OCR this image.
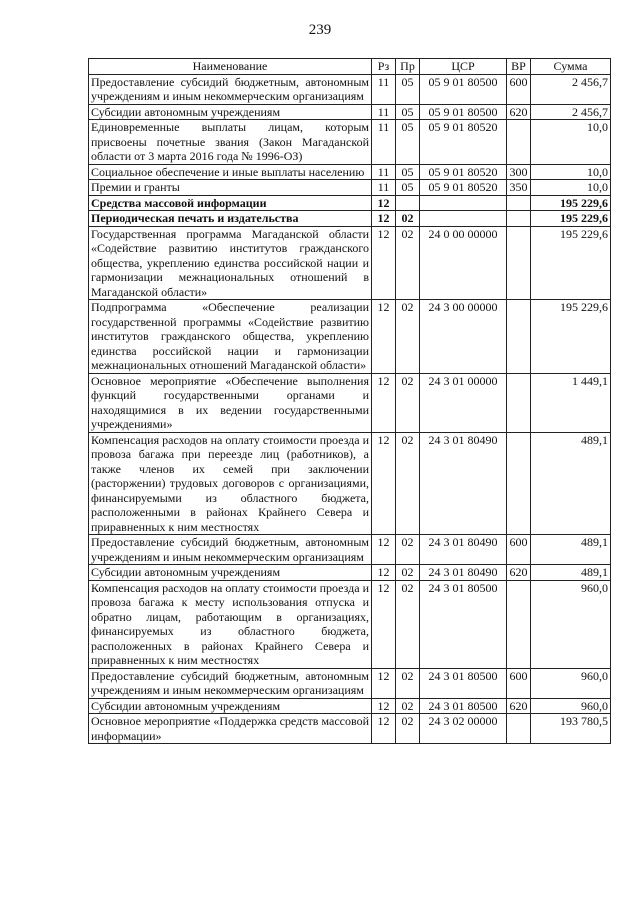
239
Наименование	Рз	Пр	ЦСР	ВР	Сумма
Предоставление субсидий бюджетным, автономным учреждениям и иным некоммерческим организациям	11	05	05 9 01 80500	600	2 456,7
Субсидии автономным учреждениям	11	05	05 9 01 80500	620	2 456,7
Единовременные выплаты лицам, которым присвоены почетные звания (Закон Магаданской области от 3 марта 2016 года № 1996-ОЗ)	11	05	05 9 01 80520		10,0
Социальное обеспечение и иные выплаты населению	11	05	05 9 01 80520	300	10,0
Премии и гранты	11	05	05 9 01 80520	350	10,0
Средства массовой информации	12				195 229,6
Периодическая печать и издательства	12	02			195 229,6
Государственная программа Магаданской области «Содействие развитию институтов гражданского общества, укреплению единства российской нации и гармонизации межнациональных отношений в Магаданской области»	12	02	24 0 00 00000		195 229,6
Подпрограмма «Обеспечение реализации государственной программы «Содействие развитию институтов гражданского общества, укреплению единства российской нации и гармонизации межнациональных отношений Магаданской области»	12	02	24 3 00 00000		195 229,6
Основное мероприятие «Обеспечение выполнения функций государственными органами и находящимися в их ведении государственными учреждениями»	12	02	24 3 01 00000		1 449,1
Компенсация расходов на оплату стоимости проезда и провоза багажа при переезде лиц (работников), а также членов их семей при заключении (расторжении) трудовых договоров с организациями, финансируемыми из областного бюджета, расположенными в районах Крайнего Севера и приравненных к ним местностях	12	02	24 3 01 80490		489,1
Предоставление субсидий бюджетным, автономным учреждениям и иным некоммерческим организациям	12	02	24 3 01 80490	600	489,1
Субсидии автономным учреждениям	12	02	24 3 01 80490	620	489,1
Компенсация расходов на оплату стоимости проезда и провоза багажа к месту использования отпуска и обратно лицам, работающим в организациях, финансируемых из областного бюджета, расположенных в районах Крайнего Севера и приравненных к ним местностях	12	02	24 3 01 80500		960,0
Предоставление субсидий бюджетным, автономным учреждениям и иным некоммерческим организациям	12	02	24 3 01 80500	600	960,0
Субсидии автономным учреждениям	12	02	24 3 01 80500	620	960,0
Основное мероприятие «Поддержка средств массовой информации»	12	02	24 3 02 00000		193 780,5
